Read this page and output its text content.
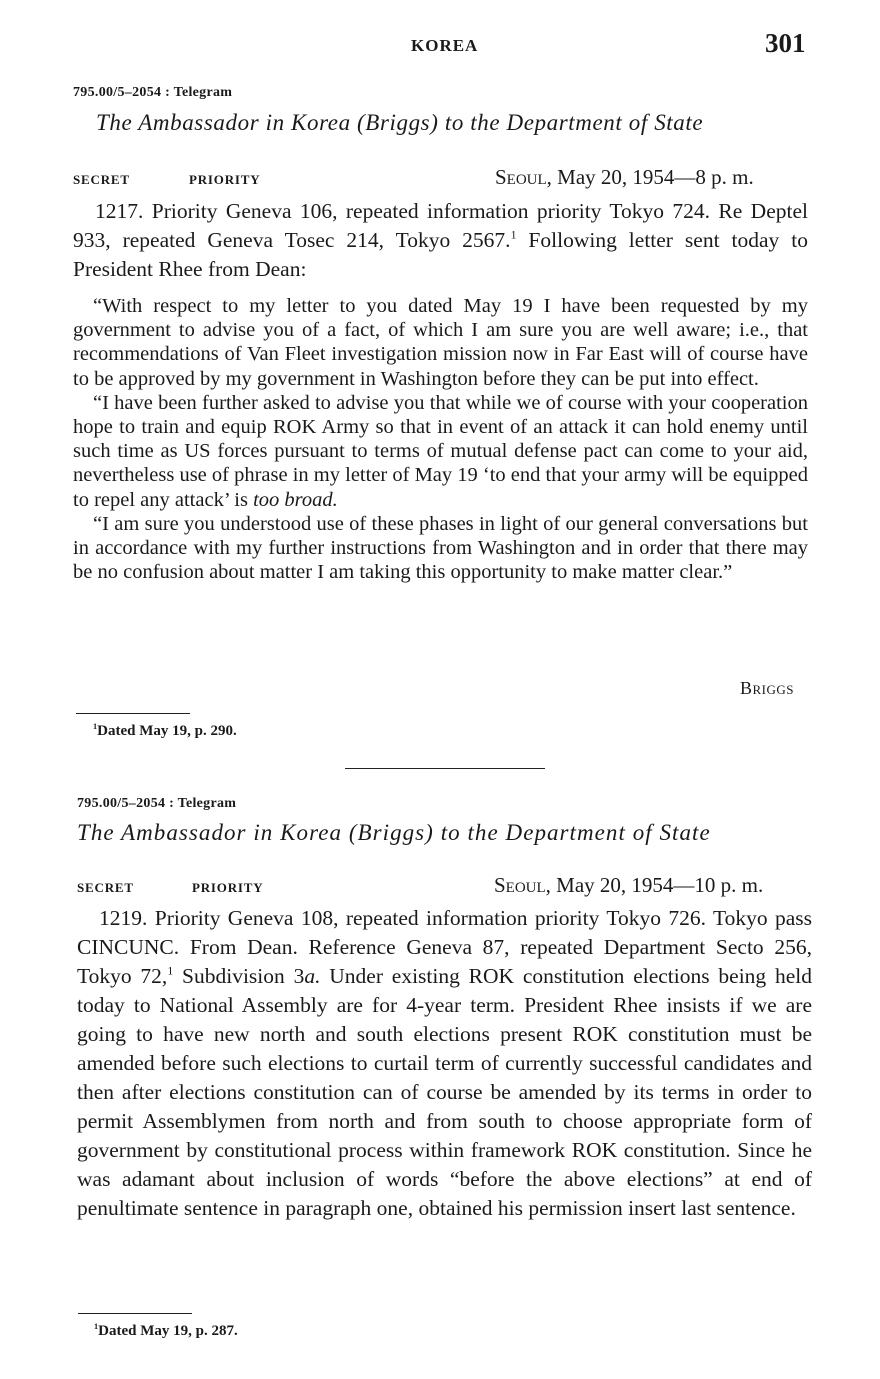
KOREA	301
795.00/5–2054 : Telegram
The Ambassador in Korea (Briggs) to the Department of State
SECRET	PRIORITY	Seoul, May 20, 1954—8 p. m.

1217. Priority Geneva 106, repeated information priority Tokyo 724. Re Deptel 933, repeated Geneva Tosec 214, Tokyo 2567.$^1$ Following letter sent today to President Rhee from Dean:

“With respect to my letter to you dated May 19 I have been requested by my government to advise you of a fact, of which I am sure you are well aware; i.e., that recommendations of Van Fleet investigation mission now in Far East will of course have to be approved by my government in Washington before they can be put into effect.

“I have been further asked to advise you that while we of course with your cooperation hope to train and equip ROK Army so that in event of an attack it can hold enemy until such time as US forces pursuant to terms of mutual defense pact can come to your aid, nevertheless use of phrase in my letter of May 19 ‘to end that your army will be equipped to repel any attack’ is too broad.

“I am sure you understood use of these phases in light of our general conversations but in accordance with my further instructions from Washington and in order that there may be no confusion about matter I am taking this opportunity to make matter clear.”

Briggs
$^1$Dated May 19, p. 290.
795.00/5–2054 : Telegram
The Ambassador in Korea (Briggs) to the Department of State
SECRET	PRIORITY	Seoul, May 20, 1954—10 p. m.

1219. Priority Geneva 108, repeated information priority Tokyo 726. Tokyo pass CINCUNC. From Dean. Reference Geneva 87, repeated Department Secto 256, Tokyo 72,$^1$ Subdivision 3a. Under existing ROK constitution elections being held today to National Assembly are for 4-year term. President Rhee insists if we are going to have new north and south elections present ROK constitution must be amended before such elections to curtail term of currently successful candidates and then after elections constitution can of course be amended by its terms in order to permit Assemblymen from north and from south to choose appropriate form of government by constitutional process within framework ROK constitution. Since he was adamant about inclusion of words “before the above elections” at end of penultimate sentence in paragraph one, obtained his permission insert last sentence.

$^1$Dated May 19, p. 287.
